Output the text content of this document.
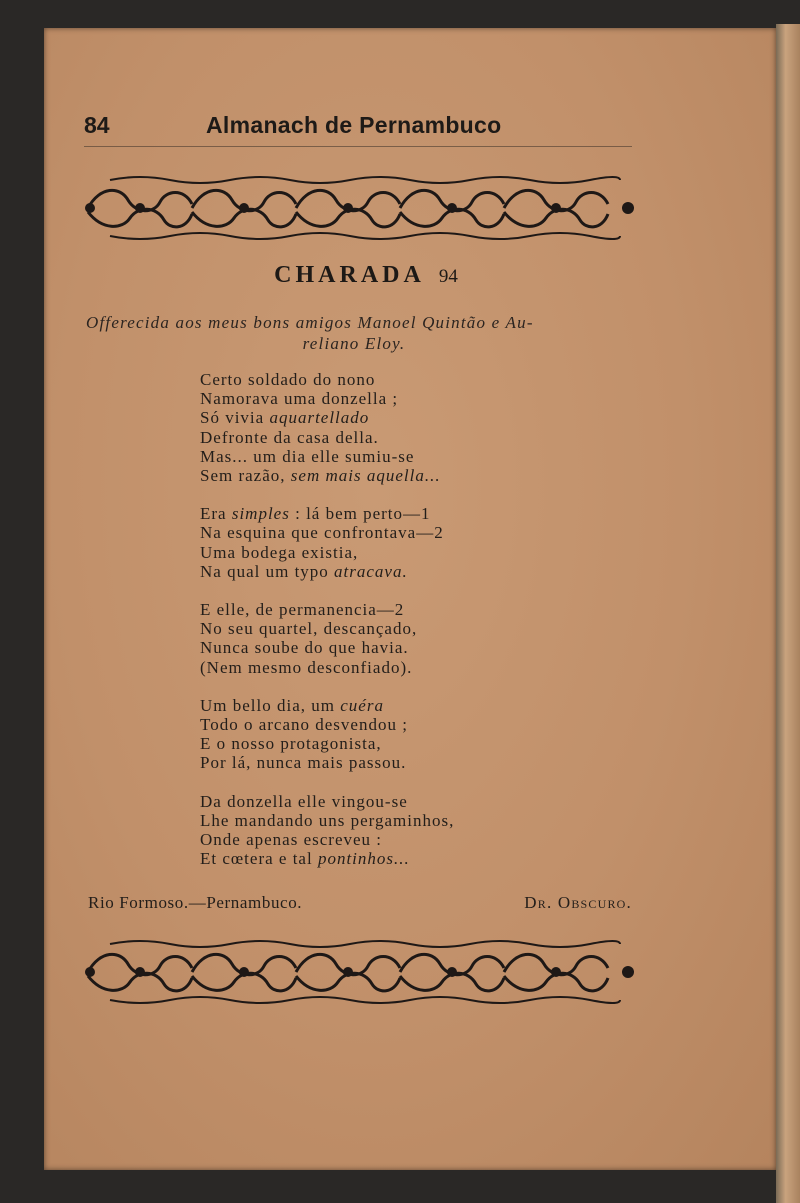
84	Almanach de Pernambuco
CHARADA 94
Offerecida aos meus bons amigos Manoel Quintão e Au-
reliano Eloy.
Certo soldado do nono
Namorava uma donzella ;
Só vivia aquartellado
Defronte da casa della.
Mas... um dia elle sumiu-se
Sem razão, sem mais aquella...
Era simples : lá bem perto—1
Na esquina que confrontava—2
Uma bodega existia,
Na qual um typo atracava.
E elle, de permanencia—2
No seu quartel, descançado,
Nunca soube do que havia.
(Nem mesmo desconfiado).
Um bello dia, um cuéra
Todo o arcano desvendou ;
E o nosso protagonista,
Por lá, nunca mais passou.
Da donzella elle vingou-se
Lhe mandando uns pergaminhos,
Onde apenas escreveu :
Et cœtera e tal pontinhos...
Rio Formoso.—Pernambuco.	Dr. Obscuro.
